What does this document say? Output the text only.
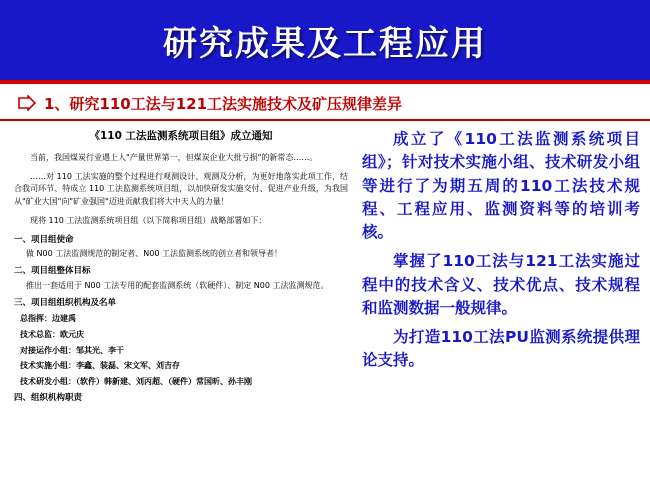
研究成果及工程应用
1、研究110工法与121工法实施技术及矿压规律差异
《110 工法监测系统项目组》成立通知
当前，我国煤炭行业遇上人"产量世界第一，但煤炭企业大批亏损"的新常态……。
……对 110 工法实施的整个过程进行观测设计、观测及分析，为更好地落实此项工作，结合我司环节、特成立 110 工法监测系统项目组，以加快研发实施交付、促进产业升级，为我国从"矿业大国"向"矿业强国"迈进贡献我们将大中天人的力量！
现将 110 工法监测系统项目组（以下简称项目组）战略部署如下：
一、项目组使命
做 N00 工法监测规范的制定者、N00 工法监测系统的创立者和领导者！
二、项目组整体目标
推出一套适用于 N00 工法专用的配套监测系统（软硬件）、制定 N00 工法监测规范。
三、项目组组织机构及名单
总指挥：边建禹
技术总监：欧元庆
对接运作小组：邹其光、李干
技术实施小组：李鑫、装磊、宋文军、刘吉存
技术研发小组：（软件）韩新建、刘丙超、（硬件）常国昕、孙丰刚
四、组织机构职责

成立了《110工法监测系统项目组》；针对技术实施小组、技术研发小组等进行了为期五周的110工法技术规程、工程应用、监测资料等的培训考核。

掌握了110工法与121工法实施过程中的技术含义、技术优点、技术规程和监测数据一般规律。

为打造110工法PU监测系统提供理论支持。
